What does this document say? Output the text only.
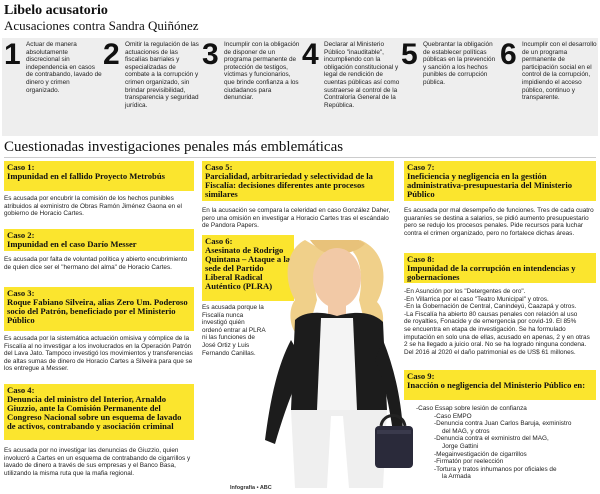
Libelo acusatorio
Acusaciones contra Sandra Quiñónez
1 Actuar de manera absolutamente discrecional sin independencia en casos de contrabando, lavado de dinero y crimen organizado.
2 Omitir la regulación de las actuaciones de las fiscalías barriales y especializadas de combate a la corrupción y crimen organizado, sin brindar previsibilidad, transparencia y seguridad jurídica.
3 Incumplir con la obligación de disponer de un programa permanente de protección de testigos, víctimas y funcionarios, que brinde confianza a los ciudadanos para denunciar.
4 Declarar al Ministerio Público "inauditable", incumpliendo con la obligación constitucional y legal de rendición de cuentas públicas así como sustraerse al control de la Contraloría General de la República.
5 Quebrantar la obligación de establecer políticas públicas en la prevención y sanción a los hechos punibles de corrupción pública.
6 Incumplir con el desarrollo de un programa permanente de participación social en el control de la corrupción, impidiendo el acceso público, continuo y transparente.
Cuestionadas investigaciones penales más emblemáticas
Caso 1:
Impunidad en el fallido Proyecto Metrobús
Es acusada por encubrir la comisión de los hechos punibles atribuidos al exministro de Obras Ramón Jiménez Gaona en el gobierno de Horacio Cartes.
Caso 2:
Impunidad en el caso Darío Messer
Es acusada por falta de voluntad política y abierto encubrimiento de quien dice ser el "hermano del alma" de Horacio Cartes.
Caso 3:
Roque Fabiano Silveira, alias Zero Um. Poderoso socio del Patrón, beneficiado por el Ministerio Público
Es acusada por la sistemática actuación omisiva y cómplice de la Fiscalía al no investigar a los involucrados en la Operación Patrón del Lava Jato. Tampoco investigó los movimientos y transferencias de altas sumas de dinero de Horacio Cartes a Silveira para que se los entregue a Messer.
Caso 4:
Denuncia del ministro del Interior, Arnaldo Giuzzio, ante la Comisión Permanente del Congreso Nacional sobre un esquema de lavado de activos, contrabando y asociación criminal
Es acusada por no investigar las denuncias de Giuzzio, quien involucró a Cartes en un esquema de contrabando de cigarrillos y lavado de dinero a través de sus empresas y el Banco Basa, utilizando la misma ruta que la mafia regional.
Caso 5:
Parcialidad, arbitrariedad y selectividad de la Fiscalía: decisiones diferentes ante procesos similares
En la acusación se compara la celeridad en caso González Daher, pero una omisión en investigar a Horacio Cartes tras el escándalo de Pandora Papers.
Caso 6:
Asesinato de Rodrigo Quintana – Ataque a la sede del Partido Liberal Radical Auténtico (PLRA)
Es acusada porque la Fiscalía nunca investigó quién ordenó entrar al PLRA ni las funciones de José Ortiz y Luis Fernando Canillas.
Infografía • ABC
Caso 7:
Ineficiencia y negligencia en la gestión administrativa-presupuestaria del Ministerio Público
Es acusada por mal desempeño de funciones. Tres de cada cuatro guaraníes se destina a salarios, se pidió aumento presupuestario pero se redujo los procesos penales. Pide recursos para luchar contra el crimen organizado, pero no fortalece dichas áreas.
Caso 8:
Impunidad de la corrupción en intendencias y gobernaciones
-En Asunción por los "Detergentes de oro".
-En Villarrica por el caso "Teatro Municipal" y otros.
-En la Gobernación de Central, Canindeyú, Caazapá y otros.
-La Fiscalía ha abierto 80 causas penales con relación al uso
de royalties, Fonacide y de emergencia por covid-19. El 85%
se encuentra en etapa de investigación. Se ha formulado
imputación en solo una de ellas, acusado en apenas, 2 y en otras
2 se ha llegado a juicio oral. No se ha logrado ninguna condena.
Del 2016 al 2020 el daño patrimonial es de US$ 61 millones.
Caso 9:
Inacción o negligencia del Ministerio Público en:
-Caso Essap sobre lesión de confianza
-Caso EMPO
-Denuncia contra Juan Carlos Baruja, exministro
del MAG, y otros
-Denuncia contra el exministro del MAG,
Jorge Gattini
-Megainvestigación de cigarrillos
-Firmatón por reelección
-Tortura y tratos inhumanos por oficiales de
la Armada
